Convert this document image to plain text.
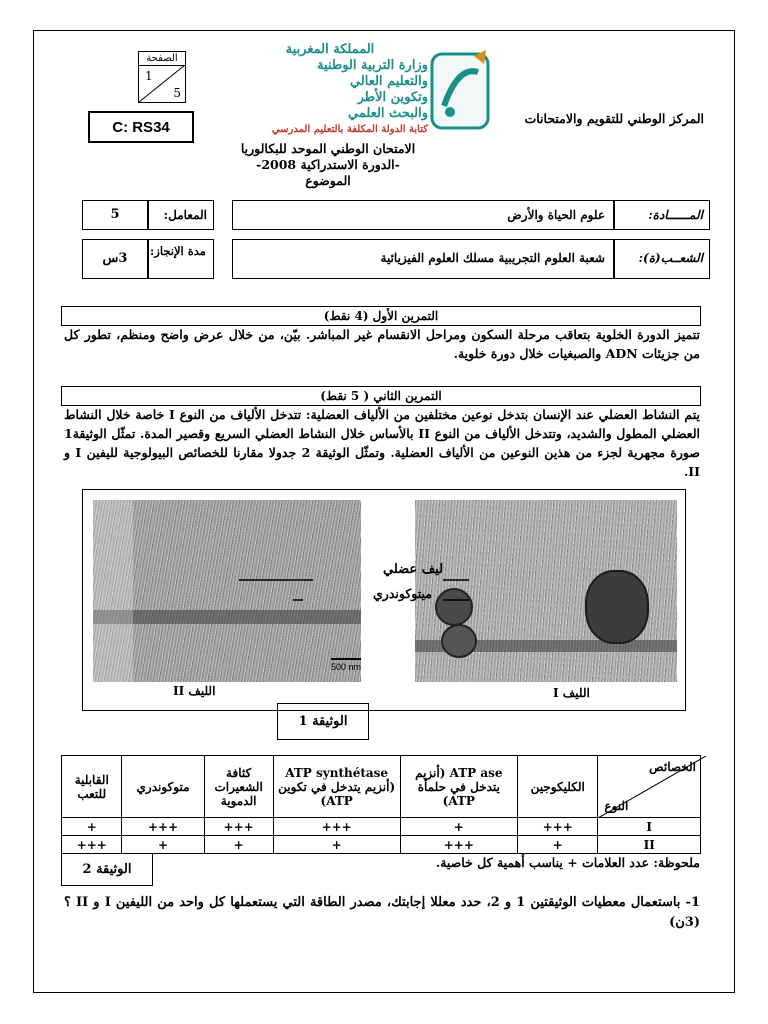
الصفحة
1
5
C: RS34
المملكة المغربية
وزارة التربية الوطنية
والتعليم العالي
وتكوين الأطر
والبحث العلمي
كتابة الدولة المكلفة بالتعليم المدرسي
المركز الوطني للتقويم والامتحانات
الامتحان الوطني الموحد للبكالوريا
-الدورة الاستدراكية 2008-
الموضوع
5	المعامل:	علوم الحياة والأرض	المــــــادة:
3س	مدة الإنجاز:	شعبة العلوم التجريبية مسلك العلوم الفيزيائية	الشعــب(ة):
التمرين الأول (4 نقط)
تتميز الدورة الخلوية بتعاقب مرحلة السكون ومراحل الانقسام غير المباشر. بيّن، من خلال عرض واضح ومنظم، تطور كل من جزيئات ADN والصبغيات خلال دورة خلوية.
التمرين الثاني ( 5 نقط)
يتم النشاط العضلي عند الإنسان بتدخل نوعين مختلفين من الألياف العضلية: تتدخل الألياف من النوع I خاصة خلال النشاط العضلي المطول والشديد، وتتدخل الألياف من النوع II بالأساس خلال النشاط العضلي السريع وقصير المدة. تمثّل الوثيقة1 صورة مجهرية لجزء من هذين النوعين من الألياف العضلية. وتمثّل الوثيقة 2 جدولا مقارنا للخصائص البيولوجية لليفين I و II.
ليف عضلي
ميتوكوندري
500 nm
الليف II	الليف I
الوثيقة 1
الخصائص
النوع	الكليكوجين	ATP ase (أنزيم يتدخل في حلمأة ATP)	ATP synthétase (أنزيم يتدخل في تكوين ATP)	كثافة الشعيرات الدموية	متوكوندري	القابلية للتعب
I	+++	+	+++	+++	+++	+
II	+	+++	+	+	+	+++
الوثيقة 2	ملحوظة: عدد العلامات + يناسب أهمية كل خاصية.
1- باستعمال معطيات الوثيقتين 1 و 2، حدد معللا إجابتك، مصدر الطاقة التي يستعملها كل واحد من الليفين I و II ؟ (3ن)
